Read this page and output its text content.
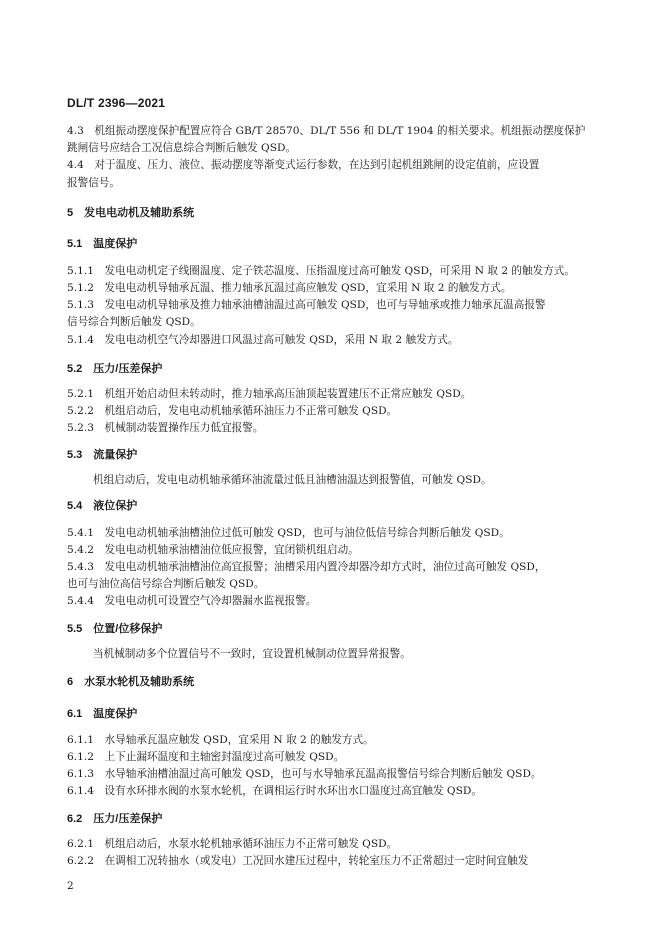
DL/T 2396—2021
4.3　机组振动摆度保护配置应符合 GB/T 28570、DL/T 556 和 DL/T 1904 的相关要求。机组振动摆度保护
跳闸信号应结合工况信息综合判断后触发 QSD。
4.4　对于温度、压力、液位、振动摆度等渐变式运行参数，在达到引起机组跳闸的设定值前，应设置
报警信号。
5　发电电动机及辅助系统
5.1　温度保护
5.1.1　发电电动机定子线圈温度、定子铁芯温度、压指温度过高可触发 QSD，可采用 N 取 2 的触发方式。
5.1.2　发电电动机导轴承瓦温、推力轴承瓦温过高应触发 QSD，宜采用 N 取 2 的触发方式。
5.1.3　发电电动机导轴承及推力轴承油槽油温过高可触发 QSD，也可与导轴承或推力轴承瓦温高报警
信号综合判断后触发 QSD。
5.1.4　发电电动机空气冷却器进口风温过高可触发 QSD，采用 N 取 2 触发方式。
5.2　压力/压差保护
5.2.1　机组开始启动但未转动时，推力轴承高压油顶起装置建压不正常应触发 QSD。
5.2.2　机组启动后，发电电动机轴承循环油压力不正常可触发 QSD。
5.2.3　机械制动装置操作压力低宜报警。
5.3　流量保护
机组启动后，发电电动机轴承循环油流量过低且油槽油温达到报警值，可触发 QSD。
5.4　液位保护
5.4.1　发电电动机轴承油槽油位过低可触发 QSD，也可与油位低信号综合判断后触发 QSD。
5.4.2　发电电动机轴承油槽油位低应报警，宜闭锁机组启动。
5.4.3　发电电动机轴承油槽油位高宜报警；油槽采用内置冷却器冷却方式时，油位过高可触发 QSD，
也可与油位高信号综合判断后触发 QSD。
5.4.4　发电电动机可设置空气冷却器漏水监视报警。
5.5　位置/位移保护
当机械制动多个位置信号不一致时，宜设置机械制动位置异常报警。
6　水泵水轮机及辅助系统
6.1　温度保护
6.1.1　水导轴承瓦温应触发 QSD，宜采用 N 取 2 的触发方式。
6.1.2　上下止漏环温度和主轴密封温度过高可触发 QSD。
6.1.3　水导轴承油槽油温过高可触发 QSD，也可与水导轴承瓦温高报警信号综合判断后触发 QSD。
6.1.4　设有水环排水阀的水泵水轮机，在调相运行时水环出水口温度过高宜触发 QSD。
6.2　压力/压差保护
6.2.1　机组启动后，水泵水轮机轴承循环油压力不正常可触发 QSD。
6.2.2　在调相工况转抽水（或发电）工况回水建压过程中，转轮室压力不正常超过一定时间宜触发
2
